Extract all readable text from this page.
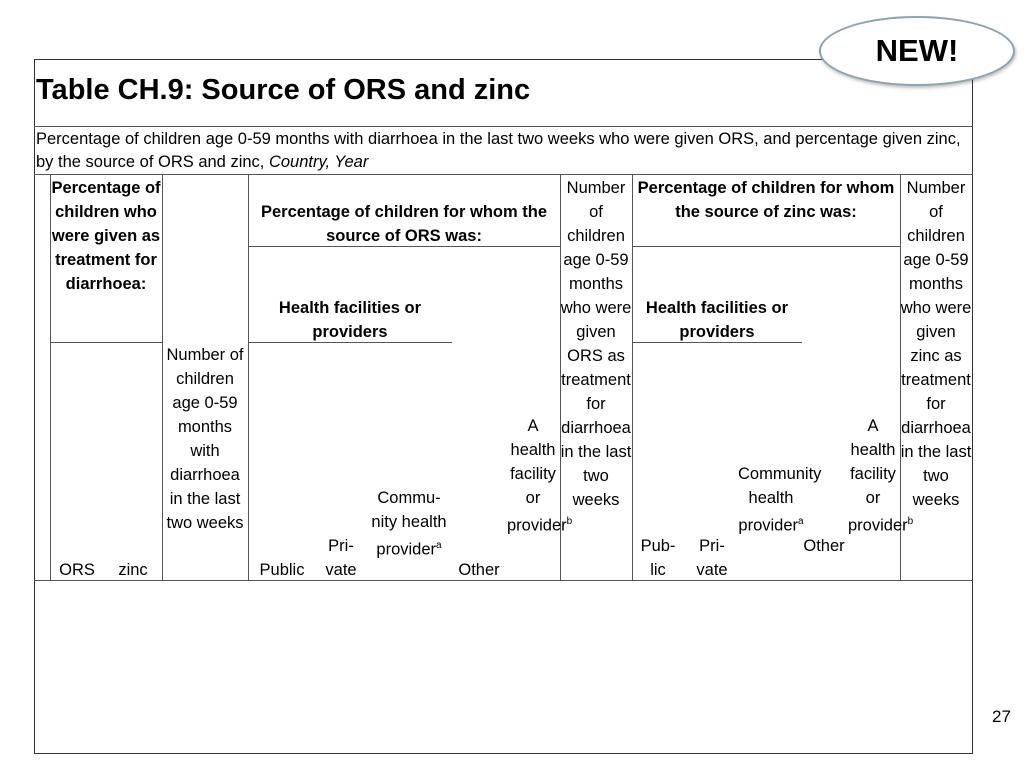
Table CH.9: Source of ORS and zinc
Percentage of children age 0-59 months with diarrhoea in the last two weeks who were given ORS, and percentage given zinc, by the source of ORS and zinc, Country, Year
Percentage of children who were given as treatment for diarrhoea:
ORS	zinc
Number of children age 0-59 months with diarrhoea in the last two weeks
Percentage of children for whom the source of ORS was:
Health facilities or providers
Public
Pri-vate
Commu-nity health provider$^a$
Other
A health facility or provider$^b$
Number of children age 0-59 months who were given ORS as treatment for diarrhoea in the last two weeks
Percentage of children for whom the source of zinc was:
Health facilities or providers
Pub-lic
Pri-vate
Community health provider$^a$
Other
A health facility or provider$^b$
Number of children age 0-59 months who were given zinc as treatment for diarrhoea in the last two weeks
NEW!
27
